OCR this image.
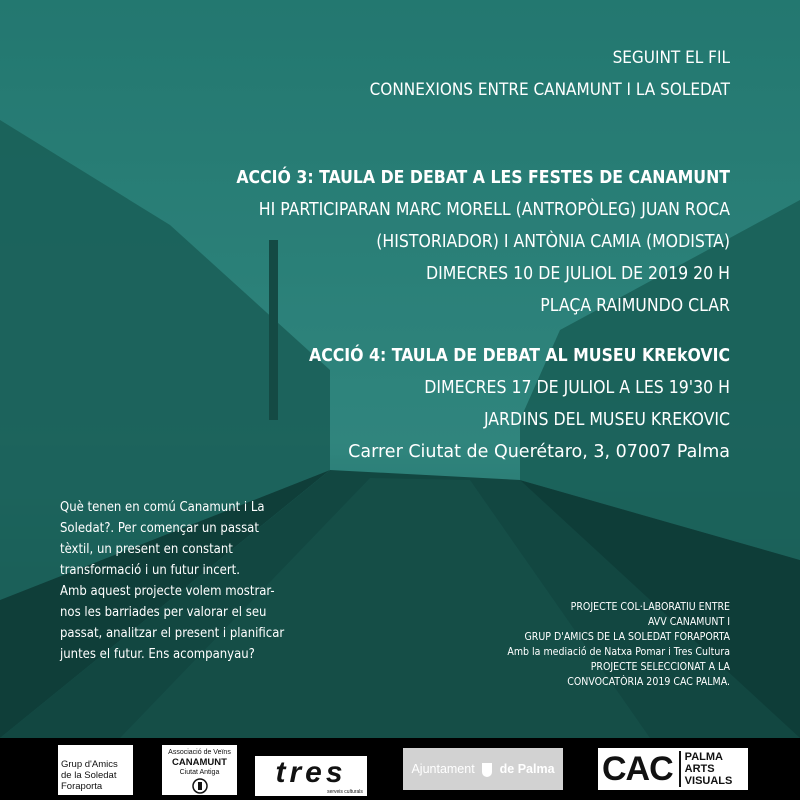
SEGUINT EL FIL
CONNEXIONS ENTRE CANAMUNT I LA SOLEDAT
ACCIÓ 3: TAULA DE DEBAT A LES FESTES DE CANAMUNT
HI PARTICIPARAN MARC MORELL (ANTROPÒLEG) JUAN ROCA
(HISTORIADOR) I ANTÒNIA CAMIA (MODISTA)
DIMECRES 10 DE JULIOL DE 2019 20 H
PLAÇA RAIMUNDO CLAR
ACCIÓ 4: TAULA DE DEBAT AL MUSEU KREkOVIC
DIMECRES 17 DE JULIOL A LES 19'30 H
JARDINS DEL MUSEU KREKOVIC
Carrer Ciutat de Querétaro, 3, 07007 Palma

Què tenen en comú Canamunt i La Soledat?. Per començar un passat tèxtil, un present en constant transformació i un futur incert.

Amb aquest projecte volem mostrar-nos les barriades per valorar el seu passat, analitzar el present i planificar juntes el futur. Ens acompanyau?

PROJECTE COL·LABORATIU ENTRE
AVV CANAMUNT I
GRUP D'AMICS DE LA SOLEDAT FORAPORTA
Amb la mediació de Natxa Pomar i Tres Cultura
PROJECTE SELECCIONAT A LA
CONVOCATÒRIA 2019 CAC PALMA.
Grup d'Amics
de la Soledat
Foraporta
Associació de Veïns
CANAMUNT
Ciutat Antiga	tres
serveis culturals
Ajuntament de Palma CAC PALMA
ARTS VISUALS
